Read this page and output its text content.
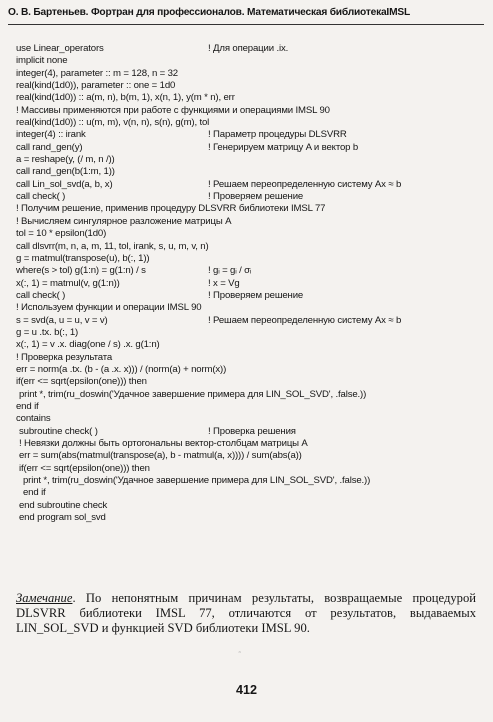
О. В. Бартеньев. Фортран для профессионалов. Математическая библиотекаIMSL
use Linear_operators	! Для операции .ix.
implicit none
integer(4), parameter :: m = 128, n = 32
real(kind(1d0)), parameter :: one = 1d0
real(kind(1d0)) :: a(m, n), b(m, 1), x(n, 1), y(m * n), err
! Массивы применяются при работе с функциями и операциями IMSL 90
real(kind(1d0)) :: u(m, m), v(n, n), s(n), g(m), tol
integer(4) :: irank	! Параметр процедуры DLSVRR
call rand_gen(y)	! Генерируем матрицу A и вектор b
a = reshape(y, (/ m, n /))
call rand_gen(b(1:m, 1))
call Lin_sol_svd(a, b, x)	! Решаем переопределенную систему Ax ≈ b
call check( )	! Проверяем решение
! Получим решение, применив процедуру DLSVRR библиотеки IMSL 77
! Вычисляем сингулярное разложение матрицы A
tol = 10 * epsilon(1d0)
call dlsvrr(m, n, a, m, 11, tol, irank, s, u, m, v, n)
g = matmul(transpose(u), b(:, 1))
where(s > tol) g(1:n) = g(1:n) / s	! gᵢ = gᵢ / σᵢ
x(:, 1) = matmul(v, g(1:n))	! x = Vg
call check( )	! Проверяем решение
! Используем функции и операции IMSL 90
s = svd(a, u = u, v = v)	! Решаем переопределенную систему Ax ≈ b
g = u .tx. b(:, 1)
x(:, 1) = v .x. diag(one / s) .x. g(1:n)
! Проверка результата
err = norm(a .tx. (b - (a .x. x))) / (norm(a) + norm(x))
if(err <= sqrt(epsilon(one))) then
print *, trim(ru_doswin('Удачное завершение примера для LIN_SOL_SVD', .false.))
end if
contains
subroutine check( )	! Проверка решения
! Невязки должны быть ортогональны вектор-столбцам матрицы A
err = sum(abs(matmul(transpose(a), b - matmul(a, x)))) / sum(abs(a))
if(err <= sqrt(epsilon(one))) then
print *, trim(ru_doswin('Удачное завершение примера для LIN_SOL_SVD', .false.))
end if
end subroutine check
end program sol_svd
Замечание. По непонятным причинам результаты, возвращаемые процедурой DLSVRR библиотеки IMSL 77, отличаются от результатов, выдаваемых LIN_SOL_SVD и функцией SVD библиотеки IMSL 90.
˜
412
